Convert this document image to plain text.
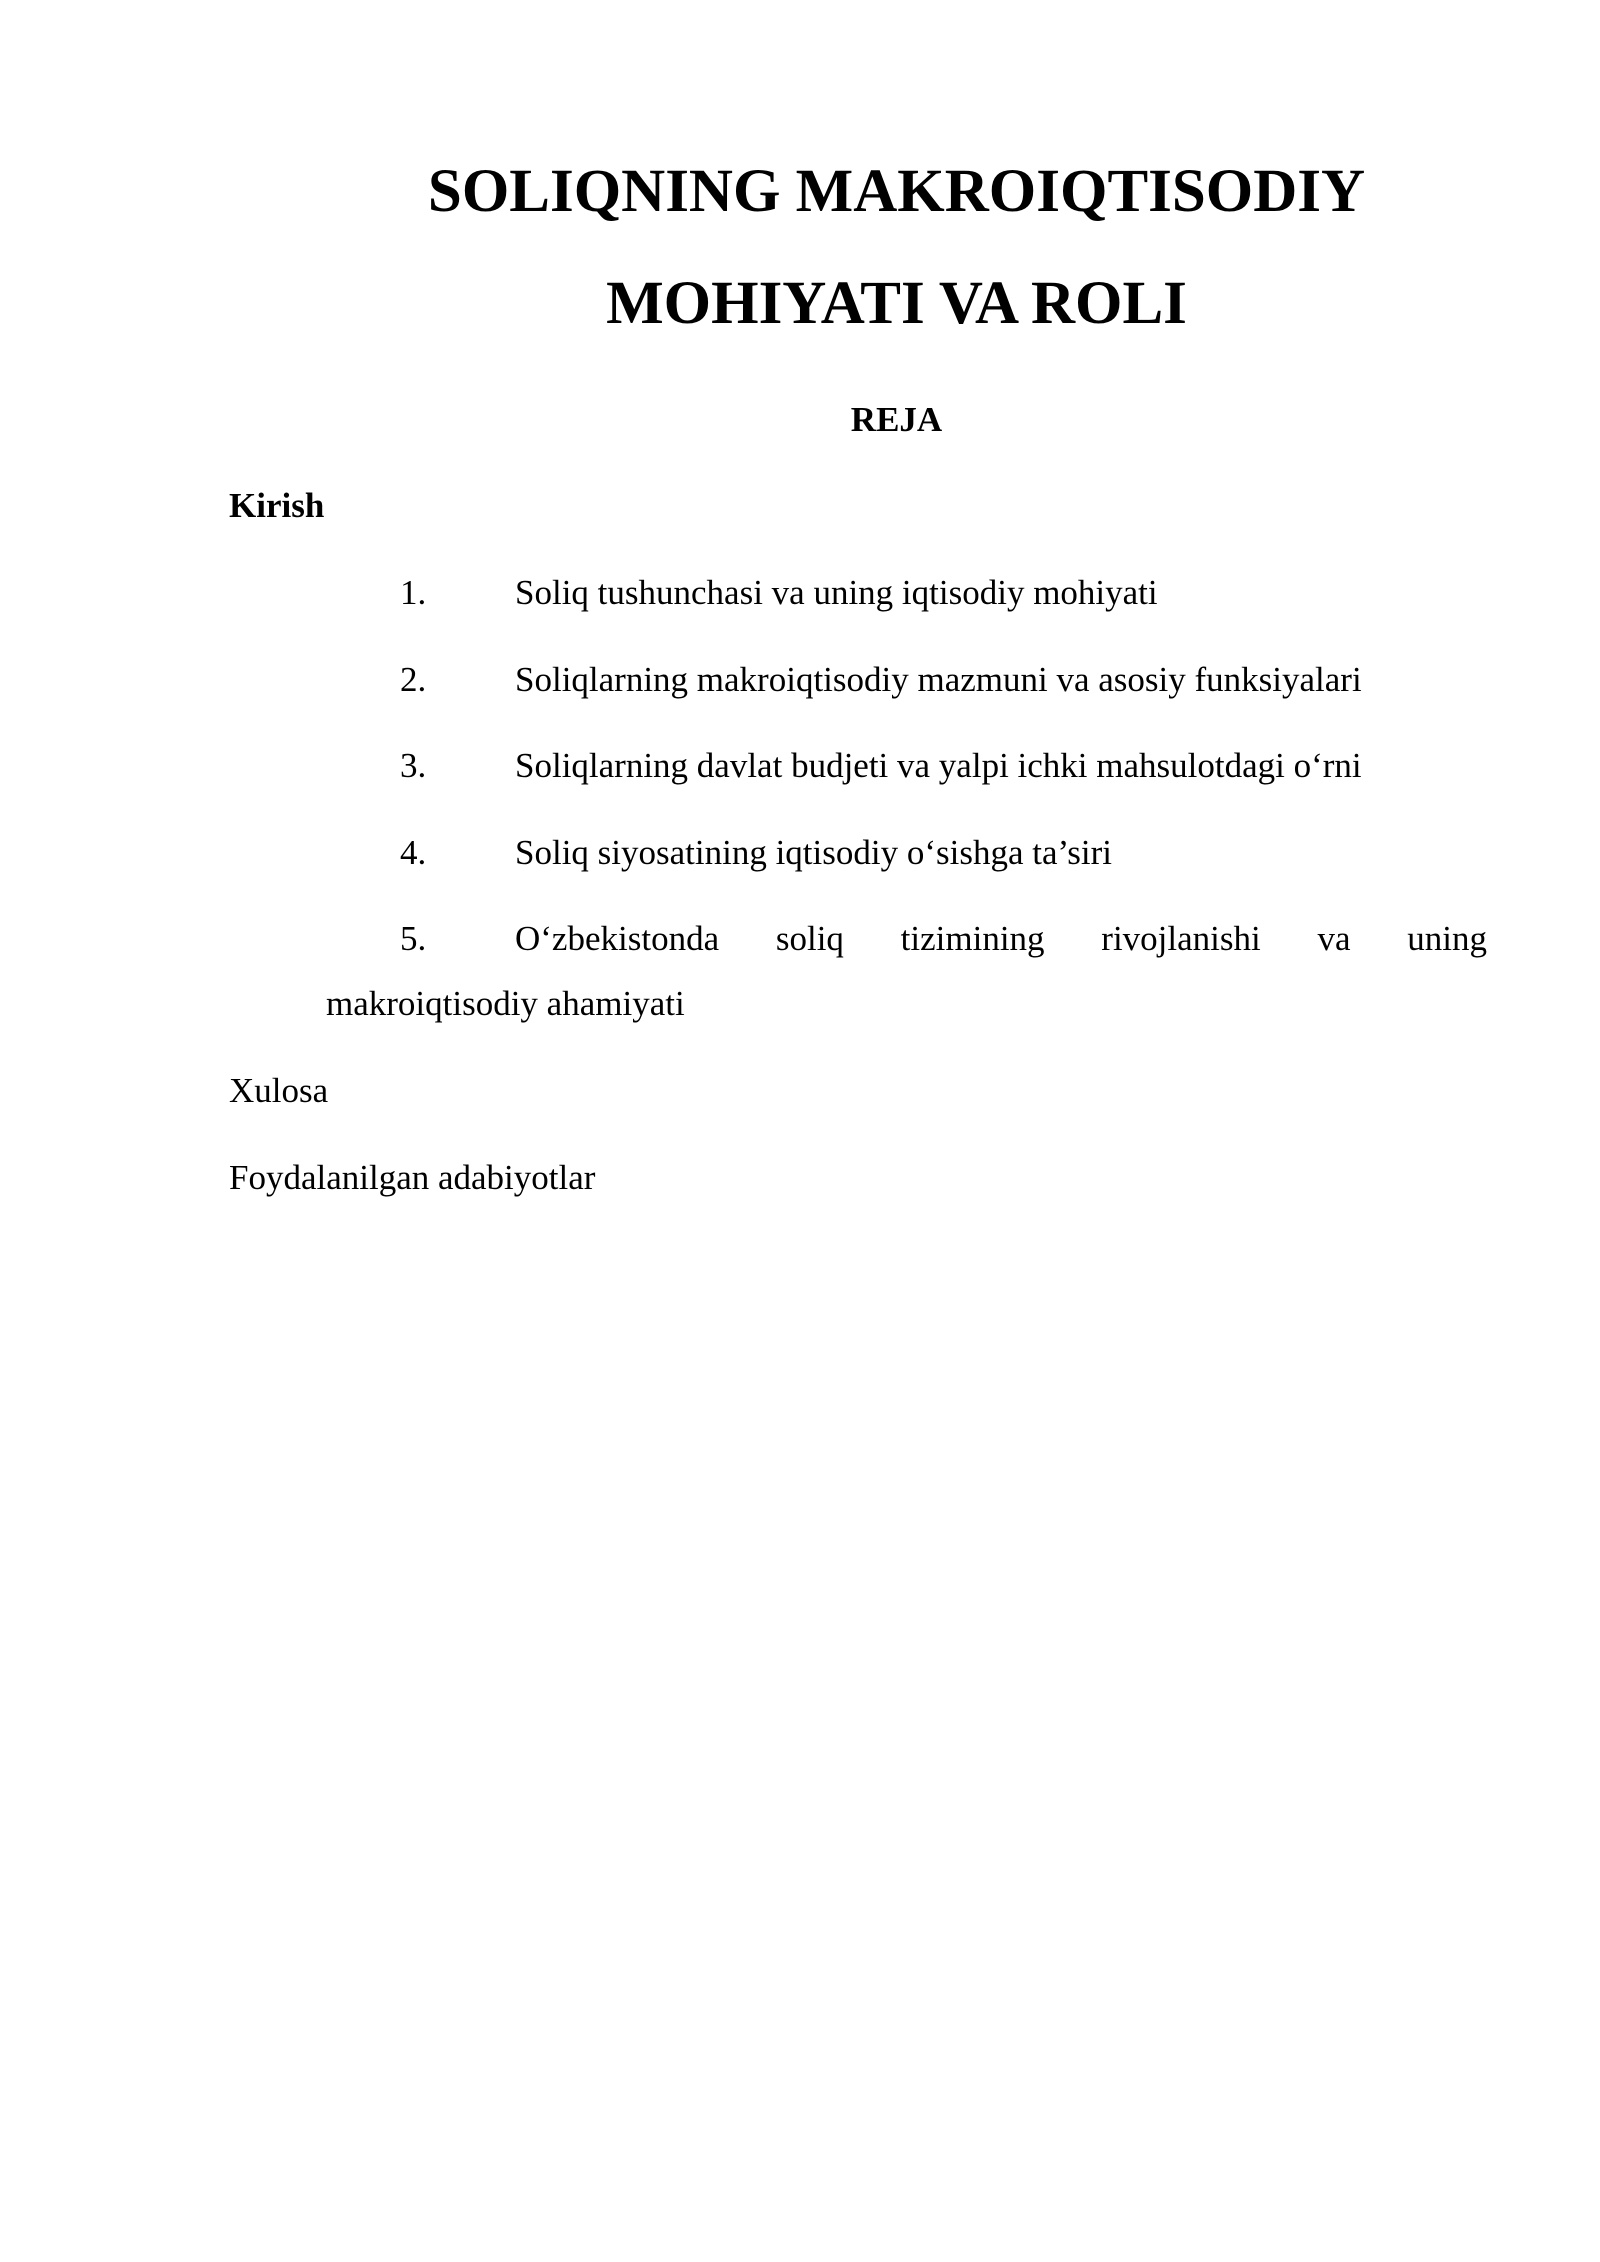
SOLIQNING MAKROIQTISODIY
MOHIYATI VA ROLI
REJA

Kirish

1.	Soliq tushunchasi va uning iqtisodiy mohiyati
2.	Soliqlarning makroiqtisodiy mazmuni va asosiy funksiyalari
3.	Soliqlarning davlat budjeti va yalpi ichki mahsulotdagi o‘rni
4.	Soliq siyosatining iqtisodiy o‘sishga ta’siri
5.	O‘zbekistonda soliq tizimining rivojlanishi va uning

makroiqtisodiy ahamiyati

Xulosa

Foydalanilgan adabiyotlar
